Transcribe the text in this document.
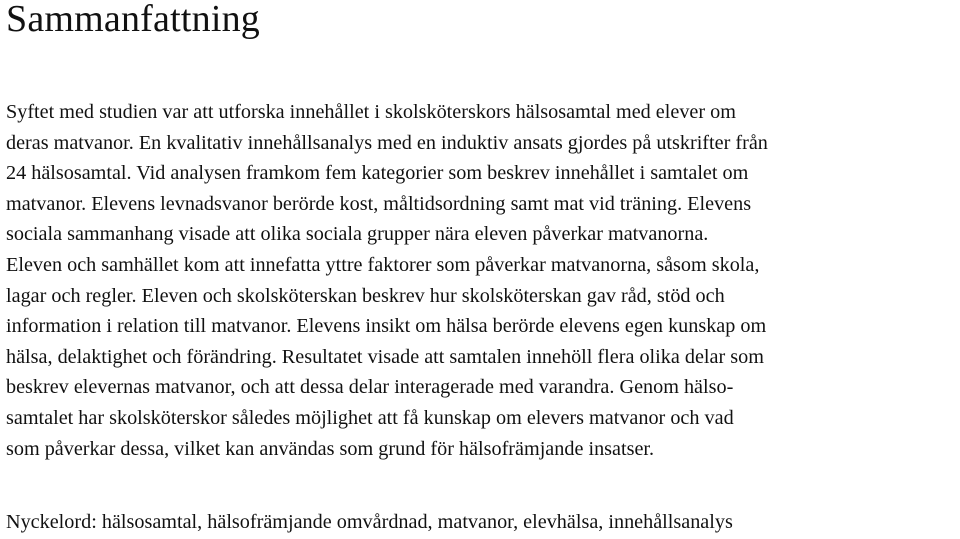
Sammanfattning

Syftet med studien var att utforska innehållet i skolsköterskors hälsosamtal med elever om
deras matvanor. En kvalitativ innehållsanalys med en induktiv ansats gjordes på utskrifter från
24 hälsosamtal. Vid analysen framkom fem kategorier som beskrev innehållet i samtalet om
matvanor. Elevens levnadsvanor berörde kost, måltidsordning samt mat vid träning. Elevens
sociala sammanhang visade att olika sociala grupper nära eleven påverkar matvanorna.
Eleven och samhället kom att innefatta yttre faktorer som påverkar matvanorna, såsom skola,
lagar och regler. Eleven och skolsköterskan beskrev hur skolsköterskan gav råd, stöd och
information i relation till matvanor. Elevens insikt om hälsa berörde elevens egen kunskap om
hälsa, delaktighet och förändring. Resultatet visade att samtalen innehöll flera olika delar som
beskrev elevernas matvanor, och att dessa delar interagerade med varandra. Genom hälso-
samtalet har skolsköterskor således möjlighet att få kunskap om elevers matvanor och vad
som påverkar dessa, vilket kan användas som grund för hälsofrämjande insatser.

Nyckelord: hälsosamtal, hälsofrämjande omvårdnad, matvanor, elevhälsa, innehållsanalys
